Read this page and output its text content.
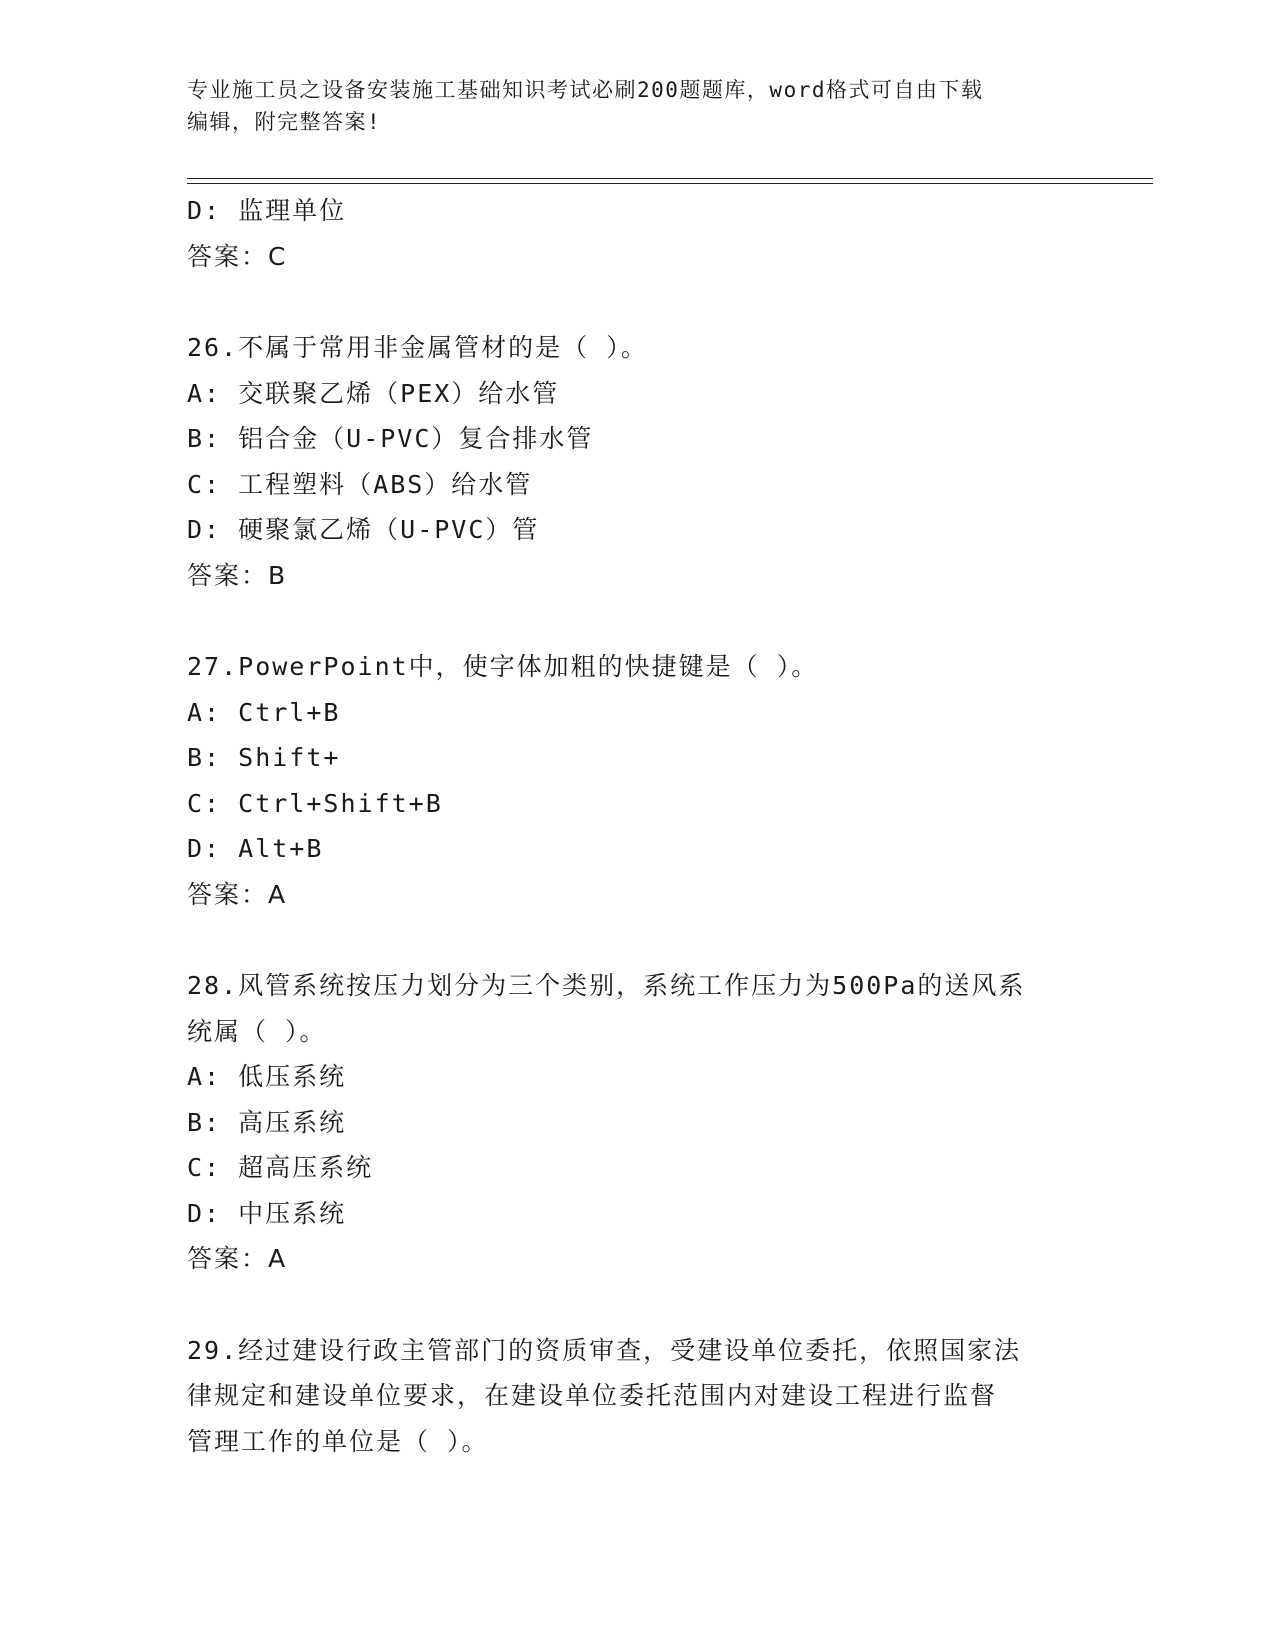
专业施工员之设备安装施工基础知识考试必刷200题题库，word格式可自由下载
编辑，附完整答案!
D: 监理单位
答案：C
26.不属于常用非金属管材的是（ ）。
A: 交联聚乙烯（PEX）给水管
B: 铝合金（U-PVC）复合排水管
C: 工程塑料（ABS）给水管
D: 硬聚氯乙烯（U-PVC）管
答案：B
27.PowerPoint中，使字体加粗的快捷键是（ ）。
A: Ctrl+B
B: Shift+
C: Ctrl+Shift+B
D: Alt+B
答案：A
28.风管系统按压力划分为三个类别，系统工作压力为500Pa的送风系
统属（ ）。
A: 低压系统
B: 高压系统
C: 超高压系统
D: 中压系统
答案：A
29.经过建设行政主管部门的资质审查，受建设单位委托，依照国家法
律规定和建设单位要求，在建设单位委托范围内对建设工程进行监督
管理工作的单位是（ ）。
